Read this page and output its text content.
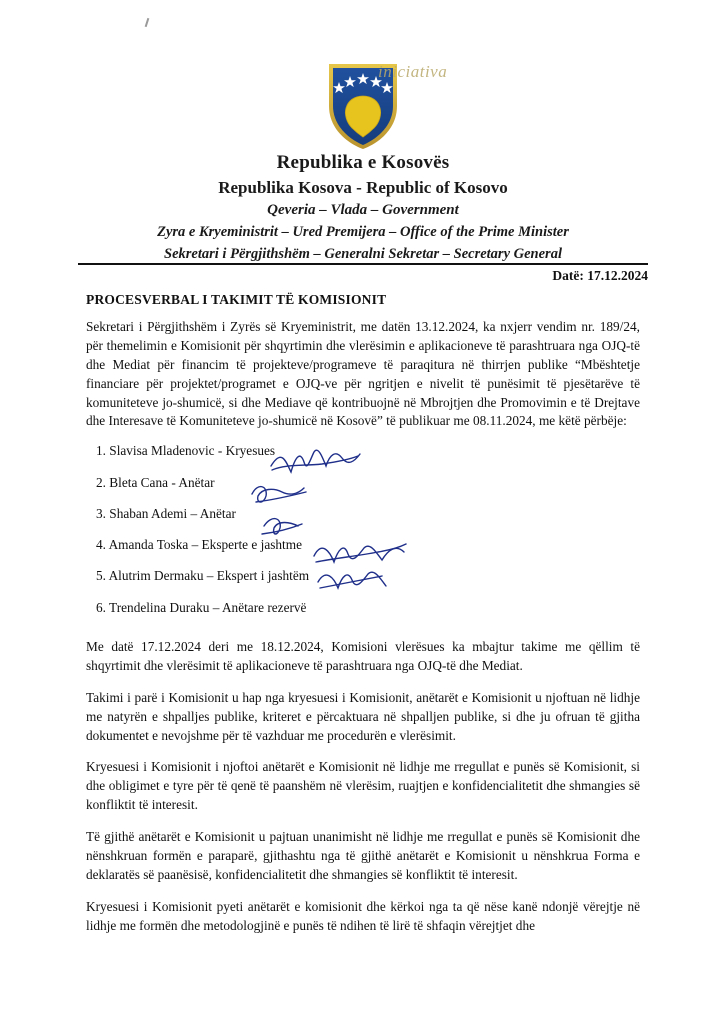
iniciativa
Republika e Kosovës
Republika Kosova - Republic of Kosovo
Qeveria – Vlada – Government
Zyra e Kryeministrit – Ured Premijera – Office of the Prime Minister
Sekretari i Përgjithshëm – Generalni Sekretar – Secretary General
Datë: 17.12.2024
PROCESVERBAL I TAKIMIT TË KOMISIONIT

Sekretari i Përgjithshëm i Zyrës së Kryeministrit, me datën 13.12.2024, ka nxjerr vendim nr. 189/24, për themelimin e Komisionit për shqyrtimin dhe vlerësimin e aplikacioneve të parashtruara nga OJQ-të dhe Mediat për financim të projekteve/programeve të paraqitura në thirrjen publike “Mbështetje financiare për projektet/programet e OJQ-ve për ngritjen e nivelit të punësimit të pjesëtarëve të komuniteteve jo-shumicë, si dhe Mediave që kontribuojnë në Mbrojtjen dhe Promovimin e të Drejtave dhe Interesave të Komuniteteve jo-shumicë në Kosovë” të publikuar me 08.11.2024, me këtë përbëje:

1. Slavisa Mladenovic - Kryesues
2. Bleta Cana - Anëtar
3. Shaban Ademi – Anëtar
4. Amanda Toska – Eksperte e jashtme
5. Alutrim Dermaku – Ekspert i jashtëm
6. Trendelina Duraku – Anëtare rezervë

Me datë 17.12.2024 deri me 18.12.2024, Komisioni vlerësues ka mbajtur takime me qëllim të shqyrtimit dhe vlerësimit të aplikacioneve të parashtruara nga OJQ-të dhe Mediat.

Takimi i parë i Komisionit u hap nga kryesuesi i Komisionit, anëtarët e Komisionit u njoftuan në lidhje me natyrën e shpalljes publike, kriteret e përcaktuara në shpalljen publike, si dhe ju ofruan të gjitha dokumentet e nevojshme për të vazhduar me procedurën e vlerësimit.

Kryesuesi i Komisionit i njoftoi anëtarët e Komisionit në lidhje me rregullat e punës së Komisionit, si dhe obligimet e tyre për të qenë të paanshëm në vlerësim, ruajtjen e konfidencialitetit dhe shmangies së konfliktit të interesit.

Të gjithë anëtarët e Komisionit u pajtuan unanimisht në lidhje me rregullat e punës së Komisionit dhe nënshkruan formën e paraparë, gjithashtu nga të gjithë anëtarët e Komisionit u nënshkrua Forma e deklaratës së paanësisë, konfidencialitetit dhe shmangies së konfliktit të interesit.

Kryesuesi i Komisionit pyeti anëtarët e komisionit dhe kërkoi nga ta që nëse kanë ndonjë vërejtje në lidhje me formën dhe metodologjinë e punës të ndihen të lirë të shfaqin vërejtjet dhe
